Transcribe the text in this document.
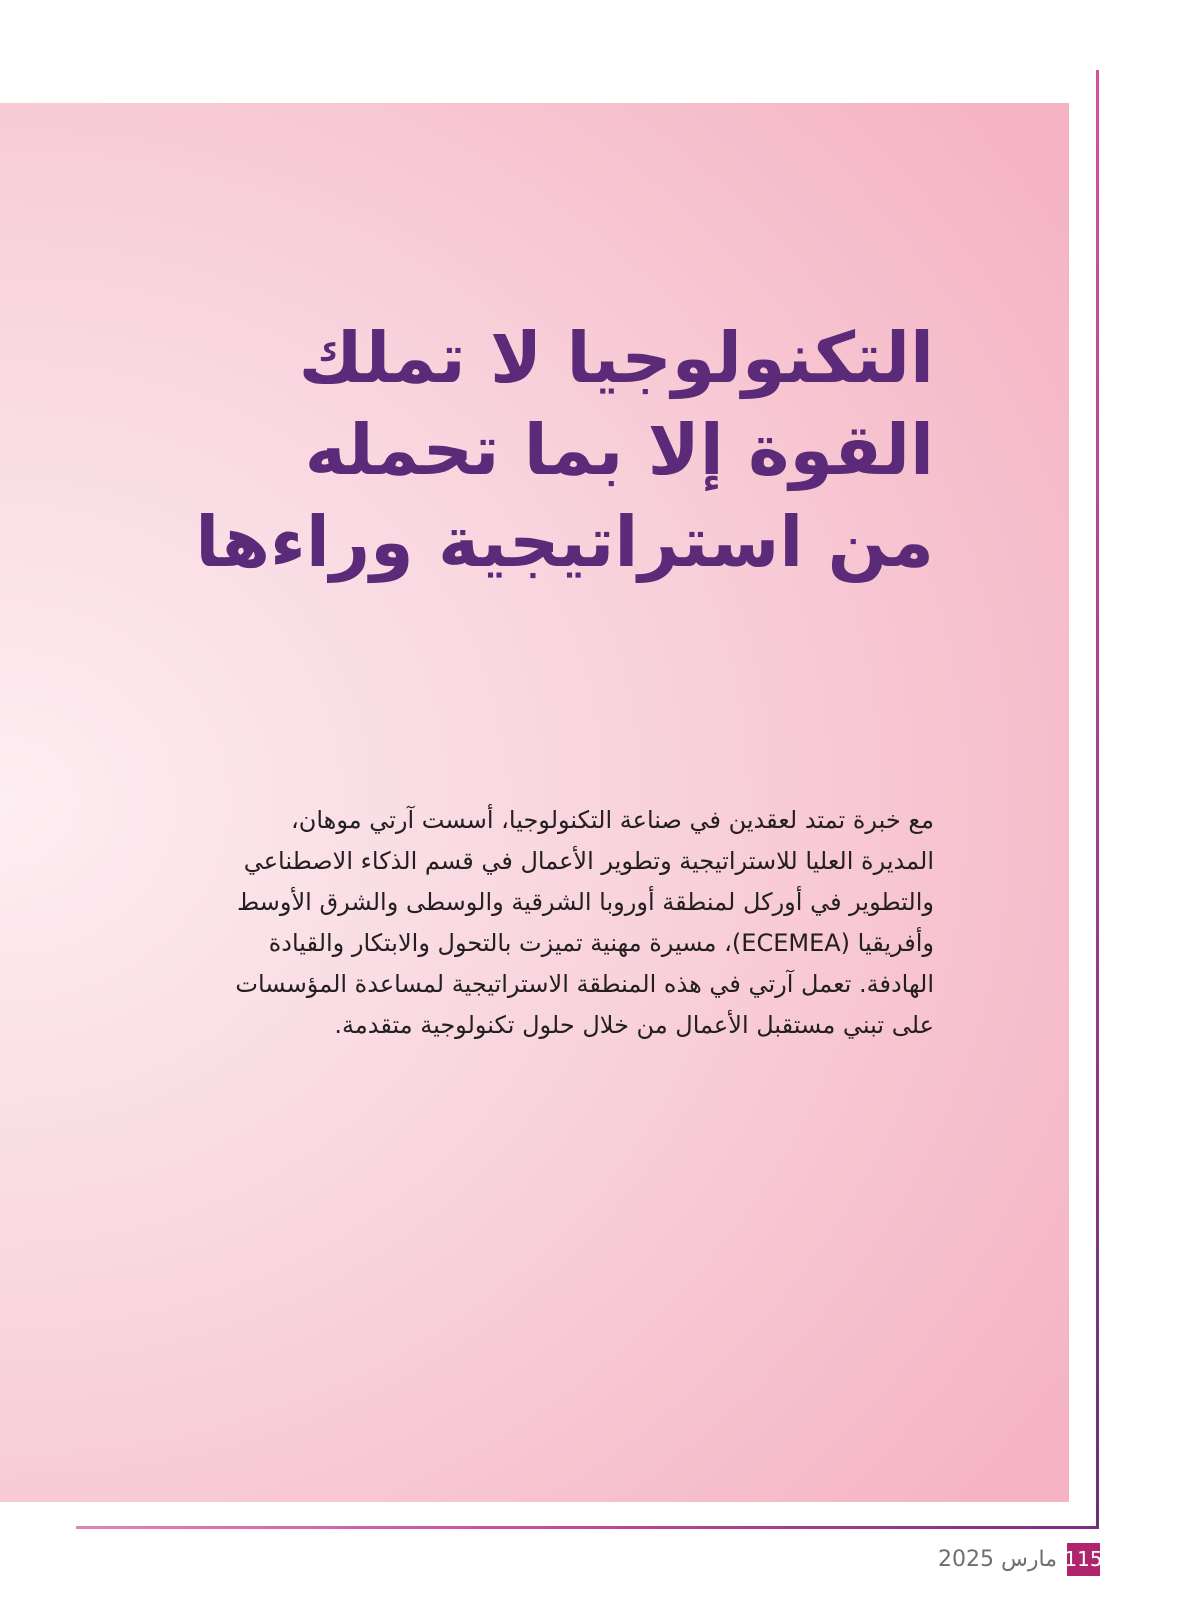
التكنولوجيا لا تملك
القوة إلا بما تحمله
من استراتيجية وراءها

مع خبرة تمتد لعقدين في صناعة التكنولوجيا، أسست آرتي موهان،
المديرة العليا للاستراتيجية وتطوير الأعمال في قسم الذكاء الاصطناعي
والتطوير في أوركل لمنطقة أوروبا الشرقية والوسطى والشرق الأوسط
وأفريقيا (ECEMEA)، مسيرة مهنية تميزت بالتحول والابتكار والقيادة
الهادفة. تعمل آرتي في هذه المنطقة الاستراتيجية لمساعدة المؤسسات
على تبني مستقبل الأعمال من خلال حلول تكنولوجية متقدمة.

مارس 2025 115
